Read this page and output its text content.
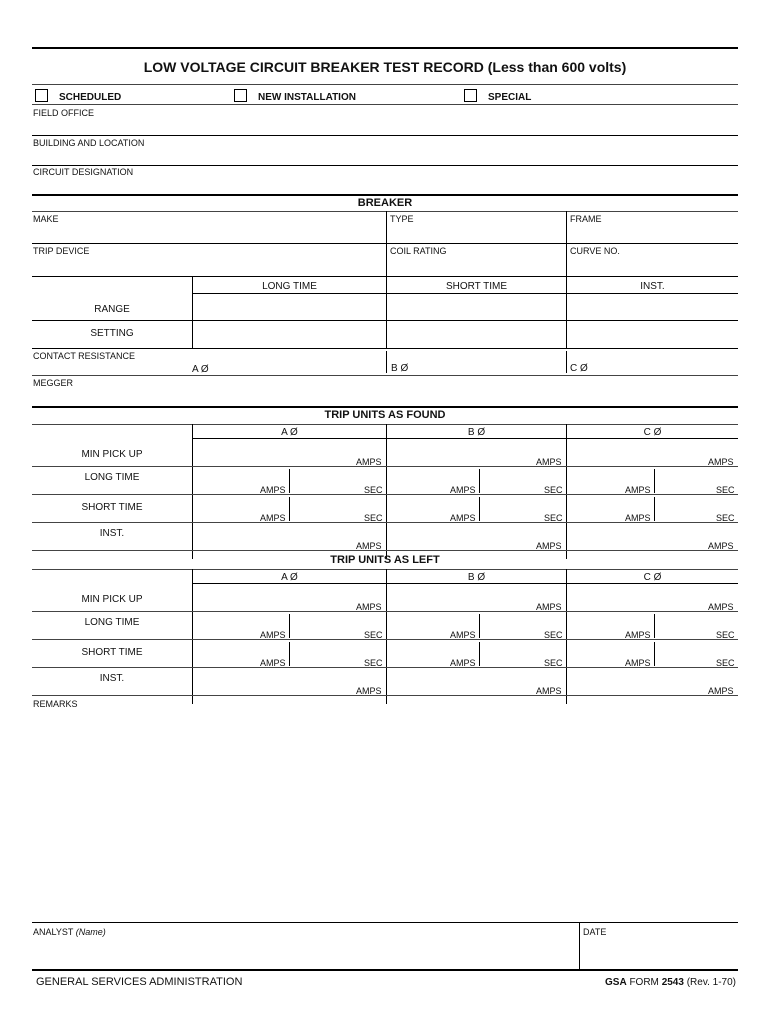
LOW VOLTAGE CIRCUIT BREAKER TEST RECORD (Less than 600 volts)
SCHEDULED	NEW INSTALLATION	SPECIAL
FIELD OFFICE
BUILDING AND LOCATION
CIRCUIT DESIGNATION
BREAKER
MAKE	TYPE	FRAME
TRIP DEVICE	COIL RATING	CURVE NO.
LONG TIME	SHORT TIME	INST.
RANGE
SETTING
CONTACT RESISTANCE
A Ø	B Ø	C Ø
MEGGER
TRIP UNITS AS FOUND
A Ø	B Ø	C Ø
MIN PICK UP
AMPS	AMPS	AMPS
LONG TIME
AMPS	SEC	AMPS	SEC	AMPS	SEC
SHORT TIME
AMPS	SEC	AMPS	SEC	AMPS	SEC
INST.
AMPS	AMPS	AMPS
TRIP UNITS AS LEFT
A Ø	B Ø	C Ø
MIN PICK UP
AMPS	AMPS	AMPS
LONG TIME
AMPS	SEC	AMPS	SEC	AMPS	SEC
SHORT TIME
AMPS	SEC	AMPS	SEC	AMPS	SEC
INST.
AMPS	AMPS	AMPS
REMARKS
ANALYST (Name)	DATE
GENERAL SERVICES ADMINISTRATION	GSA FORM 2543 (Rev. 1-70)
